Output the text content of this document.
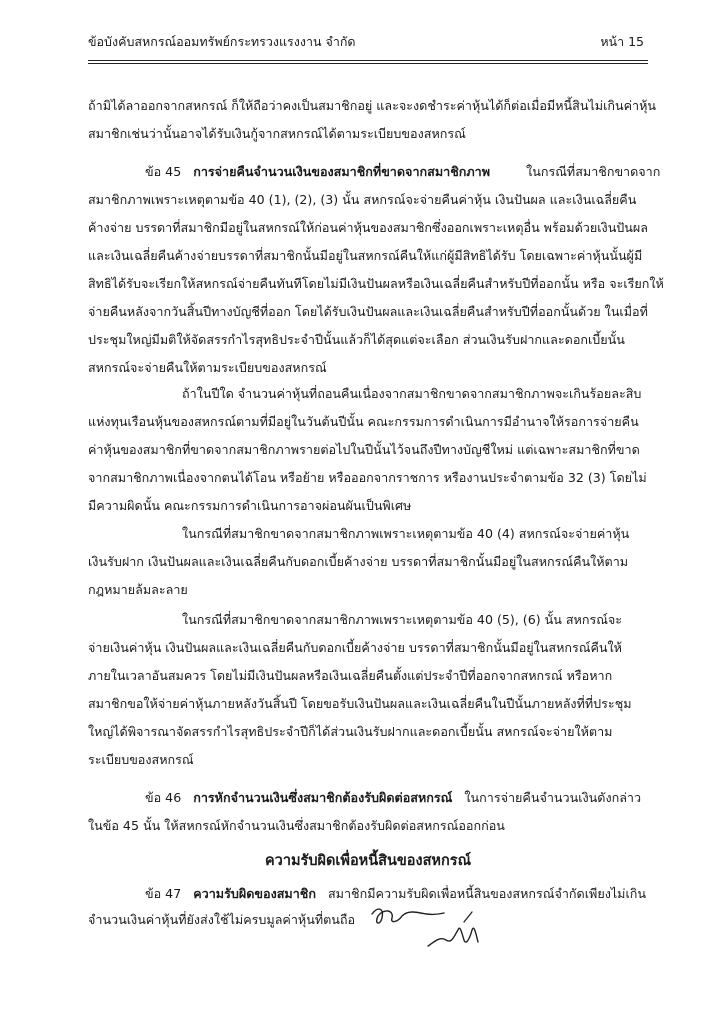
ข้อบังคับสหกรณ์ออมทรัพย์กระทรวงแรงงาน จำกัด	หน้า 15
ถ้ามิได้ลาออกจากสหกรณ์ ก็ให้ถือว่าคงเป็นสมาชิกอยู่ และจะงดชำระค่าหุ้นได้ก็ต่อเมื่อมีหนี้สินไม่เกินค่าหุ้น
สมาชิกเช่นว่านั้นอาจได้รับเงินกู้จากสหกรณ์ได้ตามระเบียบของสหกรณ์
ข้อ 45 การจ่ายคืนจำนวนเงินของสมาชิกที่ขาดจากสมาชิกภาพ	ในกรณีที่สมาชิกขาดจาก
สมาชิกภาพเพราะเหตุตามข้อ 40 (1), (2), (3) นั้น สหกรณ์จะจ่ายคืนค่าหุ้น เงินปันผล และเงินเฉลี่ยคืน
ค้างจ่าย บรรดาที่สมาชิกมีอยู่ในสหกรณ์ให้ก่อนค่าหุ้นของสมาชิกซึ่งออกเพราะเหตุอื่น พร้อมด้วยเงินปันผล
และเงินเฉลี่ยคืนค้างจ่ายบรรดาที่สมาชิกนั้นมีอยู่ในสหกรณ์คืนให้แก่ผู้มีสิทธิได้รับ โดยเฉพาะค่าหุ้นนั้นผู้มี
สิทธิได้รับจะเรียกให้สหกรณ์จ่ายคืนทันทีโดยไม่มีเงินปันผลหรือเงินเฉลี่ยคืนสำหรับปีที่ออกนั้น หรือ จะเรียกให้
จ่ายคืนหลังจากวันสิ้นปีทางบัญชีที่ออก โดยได้รับเงินปันผลและเงินเฉลี่ยคืนสำหรับปีที่ออกนั้นด้วย ในเมื่อที่
ประชุมใหญ่มีมติให้จัดสรรกำไรสุทธิประจำปีนั้นแล้วก็ได้สุดแต่จะเลือก ส่วนเงินรับฝากและดอกเบี้ยนั้น
สหกรณ์จะจ่ายคืนให้ตามระเบียบของสหกรณ์
ถ้าในปีใด จำนวนค่าหุ้นที่ถอนคืนเนื่องจากสมาชิกขาดจากสมาชิกภาพจะเกินร้อยละสิบ
แห่งทุนเรือนหุ้นของสหกรณ์ตามที่มีอยู่ในวันต้นปีนั้น คณะกรรมการดำเนินการมีอำนาจให้รอการจ่ายคืน
ค่าหุ้นของสมาชิกที่ขาดจากสมาชิกภาพรายต่อไปในปีนั้นไว้จนถึงปีทางบัญชีใหม่ แต่เฉพาะสมาชิกที่ขาด
จากสมาชิกภาพเนื่องจากตนได้โอน หรือย้าย หรือออกจากราชการ หรืองานประจำตามข้อ 32 (3) โดยไม่
มีความผิดนั้น คณะกรรมการดำเนินการอาจผ่อนผันเป็นพิเศษ
ในกรณีที่สมาชิกขาดจากสมาชิกภาพเพราะเหตุตามข้อ 40 (4) สหกรณ์จะจ่ายค่าหุ้น
เงินรับฝาก เงินปันผลและเงินเฉลี่ยคืนกับดอกเบี้ยค้างจ่าย บรรดาที่สมาชิกนั้นมีอยู่ในสหกรณ์คืนให้ตาม
กฎหมายล้มละลาย
ในกรณีที่สมาชิกขาดจากสมาชิกภาพเพราะเหตุตามข้อ 40 (5), (6) นั้น สหกรณ์จะ
จ่ายเงินค่าหุ้น เงินปันผลและเงินเฉลี่ยคืนกับดอกเบี้ยค้างจ่าย บรรดาที่สมาชิกนั้นมีอยู่ในสหกรณ์คืนให้
ภายในเวลาอันสมควร โดยไม่มีเงินปันผลหรือเงินเฉลี่ยคืนตั้งแต่ประจำปีที่ออกจากสหกรณ์ หรือหาก
สมาชิกขอให้จ่ายค่าหุ้นภายหลังวันสิ้นปี โดยขอรับเงินปันผลและเงินเฉลี่ยคืนในปีนั้นภายหลังที่ที่ประชุม
ใหญ่ได้พิจารณาจัดสรรกำไรสุทธิประจำปีก็ได้ส่วนเงินรับฝากและดอกเบี้ยนั้น สหกรณ์จะจ่ายให้ตาม
ระเบียบของสหกรณ์
ข้อ 46 การหักจำนวนเงินซึ่งสมาชิกต้องรับผิดต่อสหกรณ์ ในการจ่ายคืนจำนวนเงินดังกล่าว
ในข้อ 45 นั้น ให้สหกรณ์หักจำนวนเงินซึ่งสมาชิกต้องรับผิดต่อสหกรณ์ออกก่อน
ความรับผิดเพื่อหนี้สินของสหกรณ์
ข้อ 47 ความรับผิดของสมาชิก สมาชิกมีความรับผิดเพื่อหนี้สินของสหกรณ์จำกัดเพียงไม่เกิน
จำนวนเงินค่าหุ้นที่ยังส่งใช้ไม่ครบมูลค่าหุ้นที่ตนถือ
